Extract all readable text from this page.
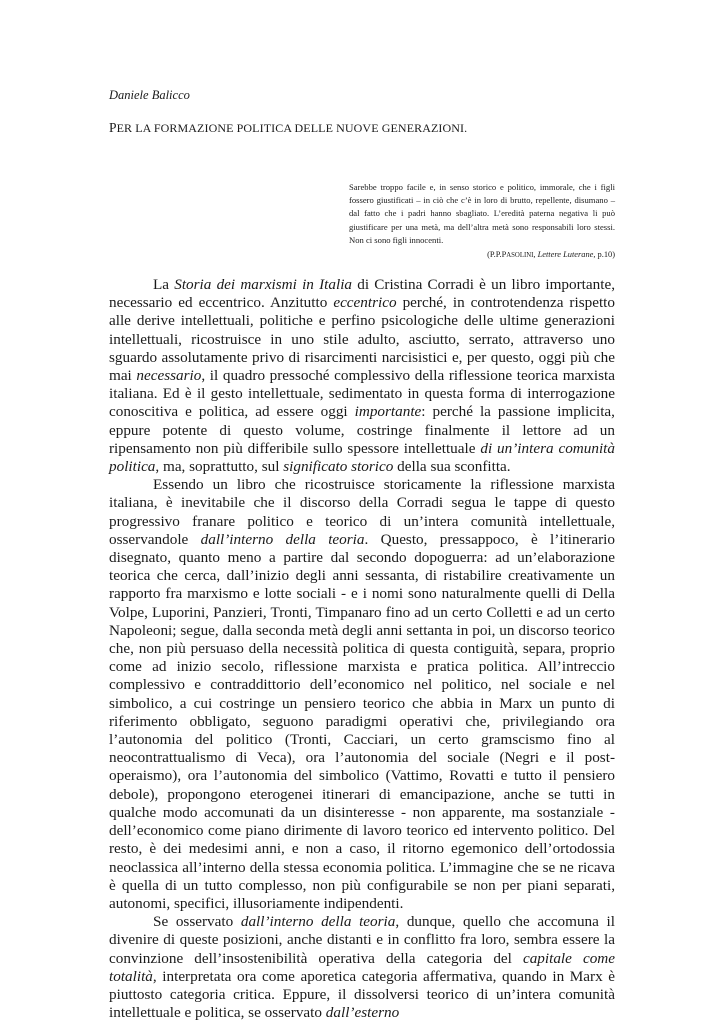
Daniele Balicco
PER LA FORMAZIONE POLITICA DELLE NUOVE GENERAZIONI.
Sarebbe troppo facile e, in senso storico e politico, immorale, che i figli fossero giustificati – in ciò che c’è in loro di brutto, repellente, disumano – dal fatto che i padri hanno sbagliato. L’eredità paterna negativa li può giustificare per una metà, ma dell’altra metà sono responsabili loro stessi. Non ci sono figli innocenti.
(P.P.PASOLINI, Lettere Luterane, p.10)

La Storia dei marxismi in Italia di Cristina Corradi è un libro importante, necessario ed eccentrico. Anzitutto eccentrico perché, in controtendenza rispetto alle derive intellettuali, politiche e perfino psicologiche delle ultime generazioni intellettuali, ricostruisce in uno stile adulto, asciutto, serrato, attraverso uno sguardo assolutamente privo di risarcimenti narcisistici e, per questo, oggi più che mai necessario, il quadro pressoché complessivo della riflessione teorica marxista italiana. Ed è il gesto intellettuale, sedimentato in questa forma di interrogazione conoscitiva e politica, ad essere oggi importante: perché la passione implicita, eppure potente di questo volume, costringe finalmente il lettore ad un ripensamento non più differibile sullo spessore intellettuale di un’intera comunità politica, ma, soprattutto, sul significato storico della sua sconfitta.

Essendo un libro che ricostruisce storicamente la riflessione marxista italiana, è inevitabile che il discorso della Corradi segua le tappe di questo progressivo franare politico e teorico di un’intera comunità intellettuale, osservandole dall’interno della teoria. Questo, pressappoco, è l’itinerario disegnato, quanto meno a partire dal secondo dopoguerra: ad un’elaborazione teorica che cerca, dall’inizio degli anni sessanta, di ristabilire creativamente un rapporto fra marxismo e lotte sociali - e i nomi sono naturalmente quelli di Della Volpe, Luporini, Panzieri, Tronti, Timpanaro fino ad un certo Colletti e ad un certo Napoleoni; segue, dalla seconda metà degli anni settanta in poi, un discorso teorico che, non più persuaso della necessità politica di questa contiguità, separa, proprio come ad inizio secolo, riflessione marxista e pratica politica. All’intreccio complessivo e contraddittorio dell’economico nel politico, nel sociale e nel simbolico, a cui costringe un pensiero teorico che abbia in Marx un punto di riferimento obbligato, seguono paradigmi operativi che, privilegiando ora l’autonomia del politico (Tronti, Cacciari, un certo gramscismo fino al neocontrattualismo di Veca), ora l’autonomia del sociale (Negri e il post-operaismo), ora l’autonomia del simbolico (Vattimo, Rovatti e tutto il pensiero debole), propongono eterogenei itinerari di emancipazione, anche se tutti in qualche modo accomunati da un disinteresse - non apparente, ma sostanziale - dell’economico come piano dirimente di lavoro teorico ed intervento politico. Del resto, è dei medesimi anni, e non a caso, il ritorno egemonico dell’ortodossia neoclassica all’interno della stessa economia politica. L’immagine che se ne ricava è quella di un tutto complesso, non più configurabile se non per piani separati, autonomi, specifici, illusoriamente indipendenti.

Se osservato dall’interno della teoria, dunque, quello che accomuna il divenire di queste posizioni, anche distanti e in conflitto fra loro, sembra essere la convinzione dell’insostenibilità operativa della categoria del capitale come totalità, interpretata ora come aporetica categoria affermativa, quando in Marx è piuttosto categoria critica. Eppure, il dissolversi teorico di un’intera comunità intellettuale e politica, se osservato dall’esterno
